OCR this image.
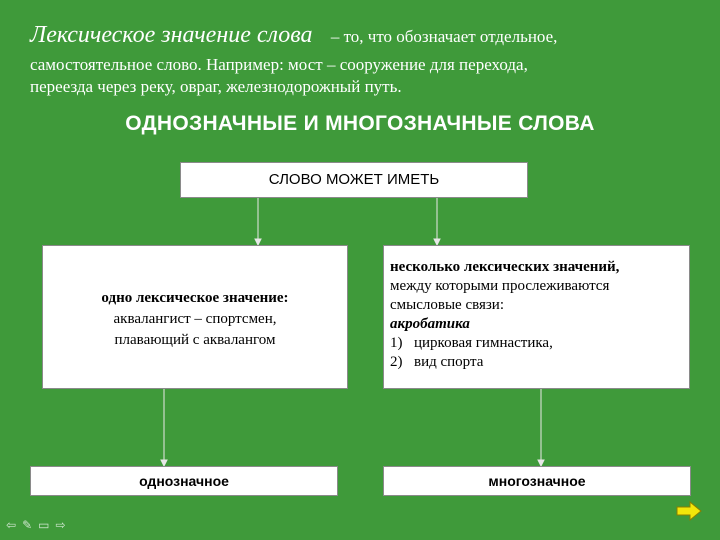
Лексическое значение слова – то, что обозначает отдельное,
самостоятельное слово. Например: мост – сооружение для перехода,
переезда через реку, овраг, железнодорожный путь.
ОДНОЗНАЧНЫЕ И МНОГОЗНАЧНЫЕ СЛОВА
СЛОВО МОЖЕТ ИМЕТЬ
одно лексическое значение:
аквалангист – спортсмен,
плавающий с аквалангом
несколько лексических значений,
между которыми прослеживаются
смысловые связи:
акробатика
1) цирковая гимнастика,
2) вид спорта
однозначное	многозначное
⇦ ✎ ▭ ⇨
